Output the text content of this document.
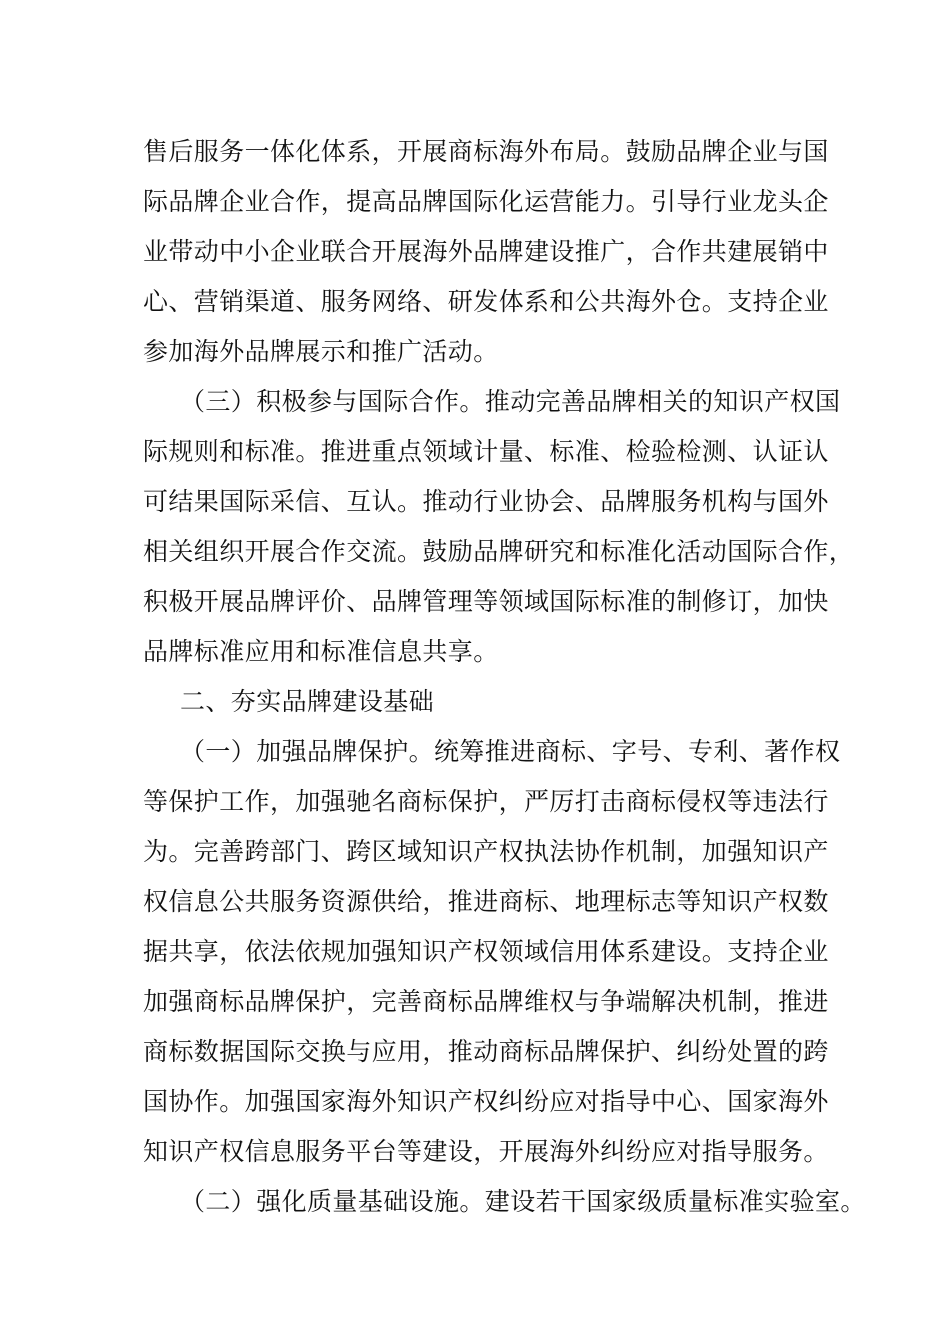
售后服务一体化体系，开展商标海外布局。鼓励品牌企业与国
际品牌企业合作，提高品牌国际化运营能力。引导行业龙头企
业带动中小企业联合开展海外品牌建设推广，合作共建展销中
心、营销渠道、服务网络、研发体系和公共海外仓。支持企业
参加海外品牌展示和推广活动。
（三）积极参与国际合作。推动完善品牌相关的知识产权国
际规则和标准。推进重点领域计量、标准、检验检测、认证认
可结果国际采信、互认。推动行业协会、品牌服务机构与国外
相关组织开展合作交流。鼓励品牌研究和标准化活动国际合作，
积极开展品牌评价、品牌管理等领域国际标准的制修订，加快
品牌标准应用和标准信息共享。
二、夯实品牌建设基础
（一）加强品牌保护。统筹推进商标、字号、专利、著作权
等保护工作，加强驰名商标保护，严厉打击商标侵权等违法行
为。完善跨部门、跨区域知识产权执法协作机制，加强知识产
权信息公共服务资源供给，推进商标、地理标志等知识产权数
据共享，依法依规加强知识产权领域信用体系建设。支持企业
加强商标品牌保护，完善商标品牌维权与争端解决机制，推进
商标数据国际交换与应用，推动商标品牌保护、纠纷处置的跨
国协作。加强国家海外知识产权纠纷应对指导中心、国家海外
知识产权信息服务平台等建设，开展海外纠纷应对指导服务。
（二）强化质量基础设施。建设若干国家级质量标准实验室。
